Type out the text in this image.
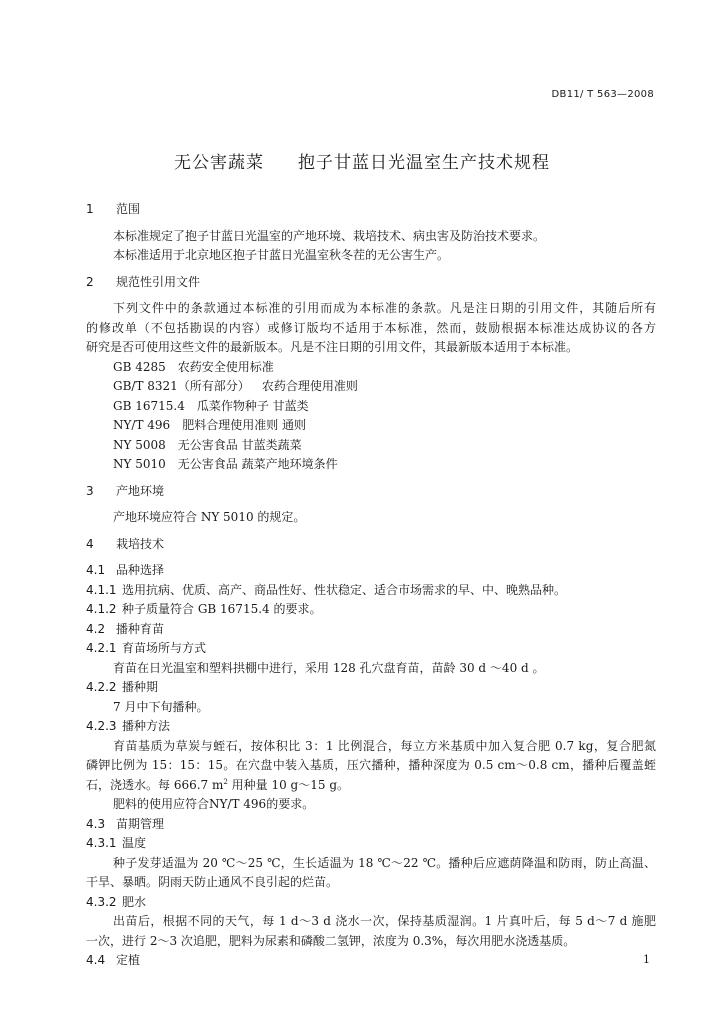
DB11/ T 563—2008
无公害蔬菜 抱子甘蓝日光温室生产技术规程
1 范围
本标准规定了抱子甘蓝日光温室的产地环境、栽培技术、病虫害及防治技术要求。
本标准适用于北京地区抱子甘蓝日光温室秋冬茬的无公害生产。
2 规范性引用文件
下列文件中的条款通过本标准的引用而成为本标准的条款。凡是注日期的引用文件，其随后所有
的修改单（不包括勘误的内容）或修订版均不适用于本标准，然而，鼓励根据本标准达成协议的各方
研究是否可使用这些文件的最新版本。凡是不注日期的引用文件，其最新版本适用于本标准。
GB 4285 农药安全使用标准
GB/T 8321（所有部分） 农药合理使用准则
GB 16715.4 瓜菜作物种子 甘蓝类
NY/T 496 肥料合理使用准则 通则
NY 5008 无公害食品 甘蓝类蔬菜
NY 5010 无公害食品 蔬菜产地环境条件
3 产地环境
产地环境应符合 NY 5010 的规定。
4 栽培技术
4.1 品种选择
4.1.1 选用抗病、优质、高产、商品性好、性状稳定、适合市场需求的早、中、晚熟品种。
4.1.2 种子质量符合 GB 16715.4 的要求。
4.2 播种育苗
4.2.1 育苗场所与方式
育苗在日光温室和塑料拱棚中进行，采用 128 孔穴盘育苗，苗龄 30 d ～40 d 。
4.2.2 播种期
7 月中下旬播种。
4.2.3 播种方法
育苗基质为草炭与蛭石，按体积比 3：1 比例混合，每立方米基质中加入复合肥 0.7 kg，复合肥氮
磷钾比例为 15：15：15。在穴盘中装入基质，压穴播种，播种深度为 0.5 cm～0.8 cm，播种后覆盖蛭
石，浇透水。每 666.7 $m^2$ 用种量 10 g～15 g。
肥料的使用应符合NY/T 496的要求。
4.3 苗期管理
4.3.1 温度
种子发芽适温为 20 ℃～25 ℃，生长适温为 18 ℃～22 ℃。播种后应遮荫降温和防雨，防止高温、
干旱、暴晒。阴雨天防止通风不良引起的烂苗。
4.3.2 肥水
出苗后，根据不同的天气，每 1 d～3 d 浇水一次，保持基质湿润。1 片真叶后，每 5 d～7 d 施肥
一次，进行 2～3 次追肥，肥料为尿素和磷酸二氢钾，浓度为 0.3%，每次用肥水浇透基质。
4.4 定植	1
